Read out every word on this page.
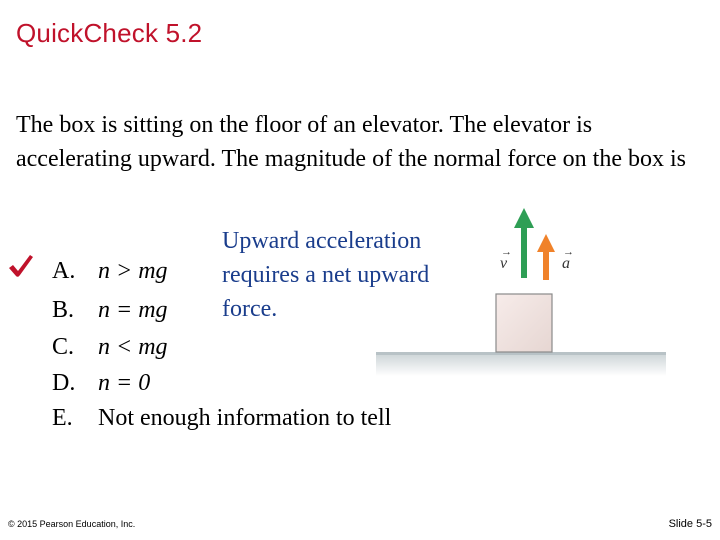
QuickCheck 5.2
The box is sitting on the floor of an elevator. The elevator is accelerating upward. The magnitude of the normal force on the box is
A. n > mg
B. n = mg
C. n < mg
D. n = 0
E. Not enough information to tell
Upward acceleration
requires a net upward
force.
→
v
→
a
© 2015 Pearson Education, Inc.	Slide 5-5
